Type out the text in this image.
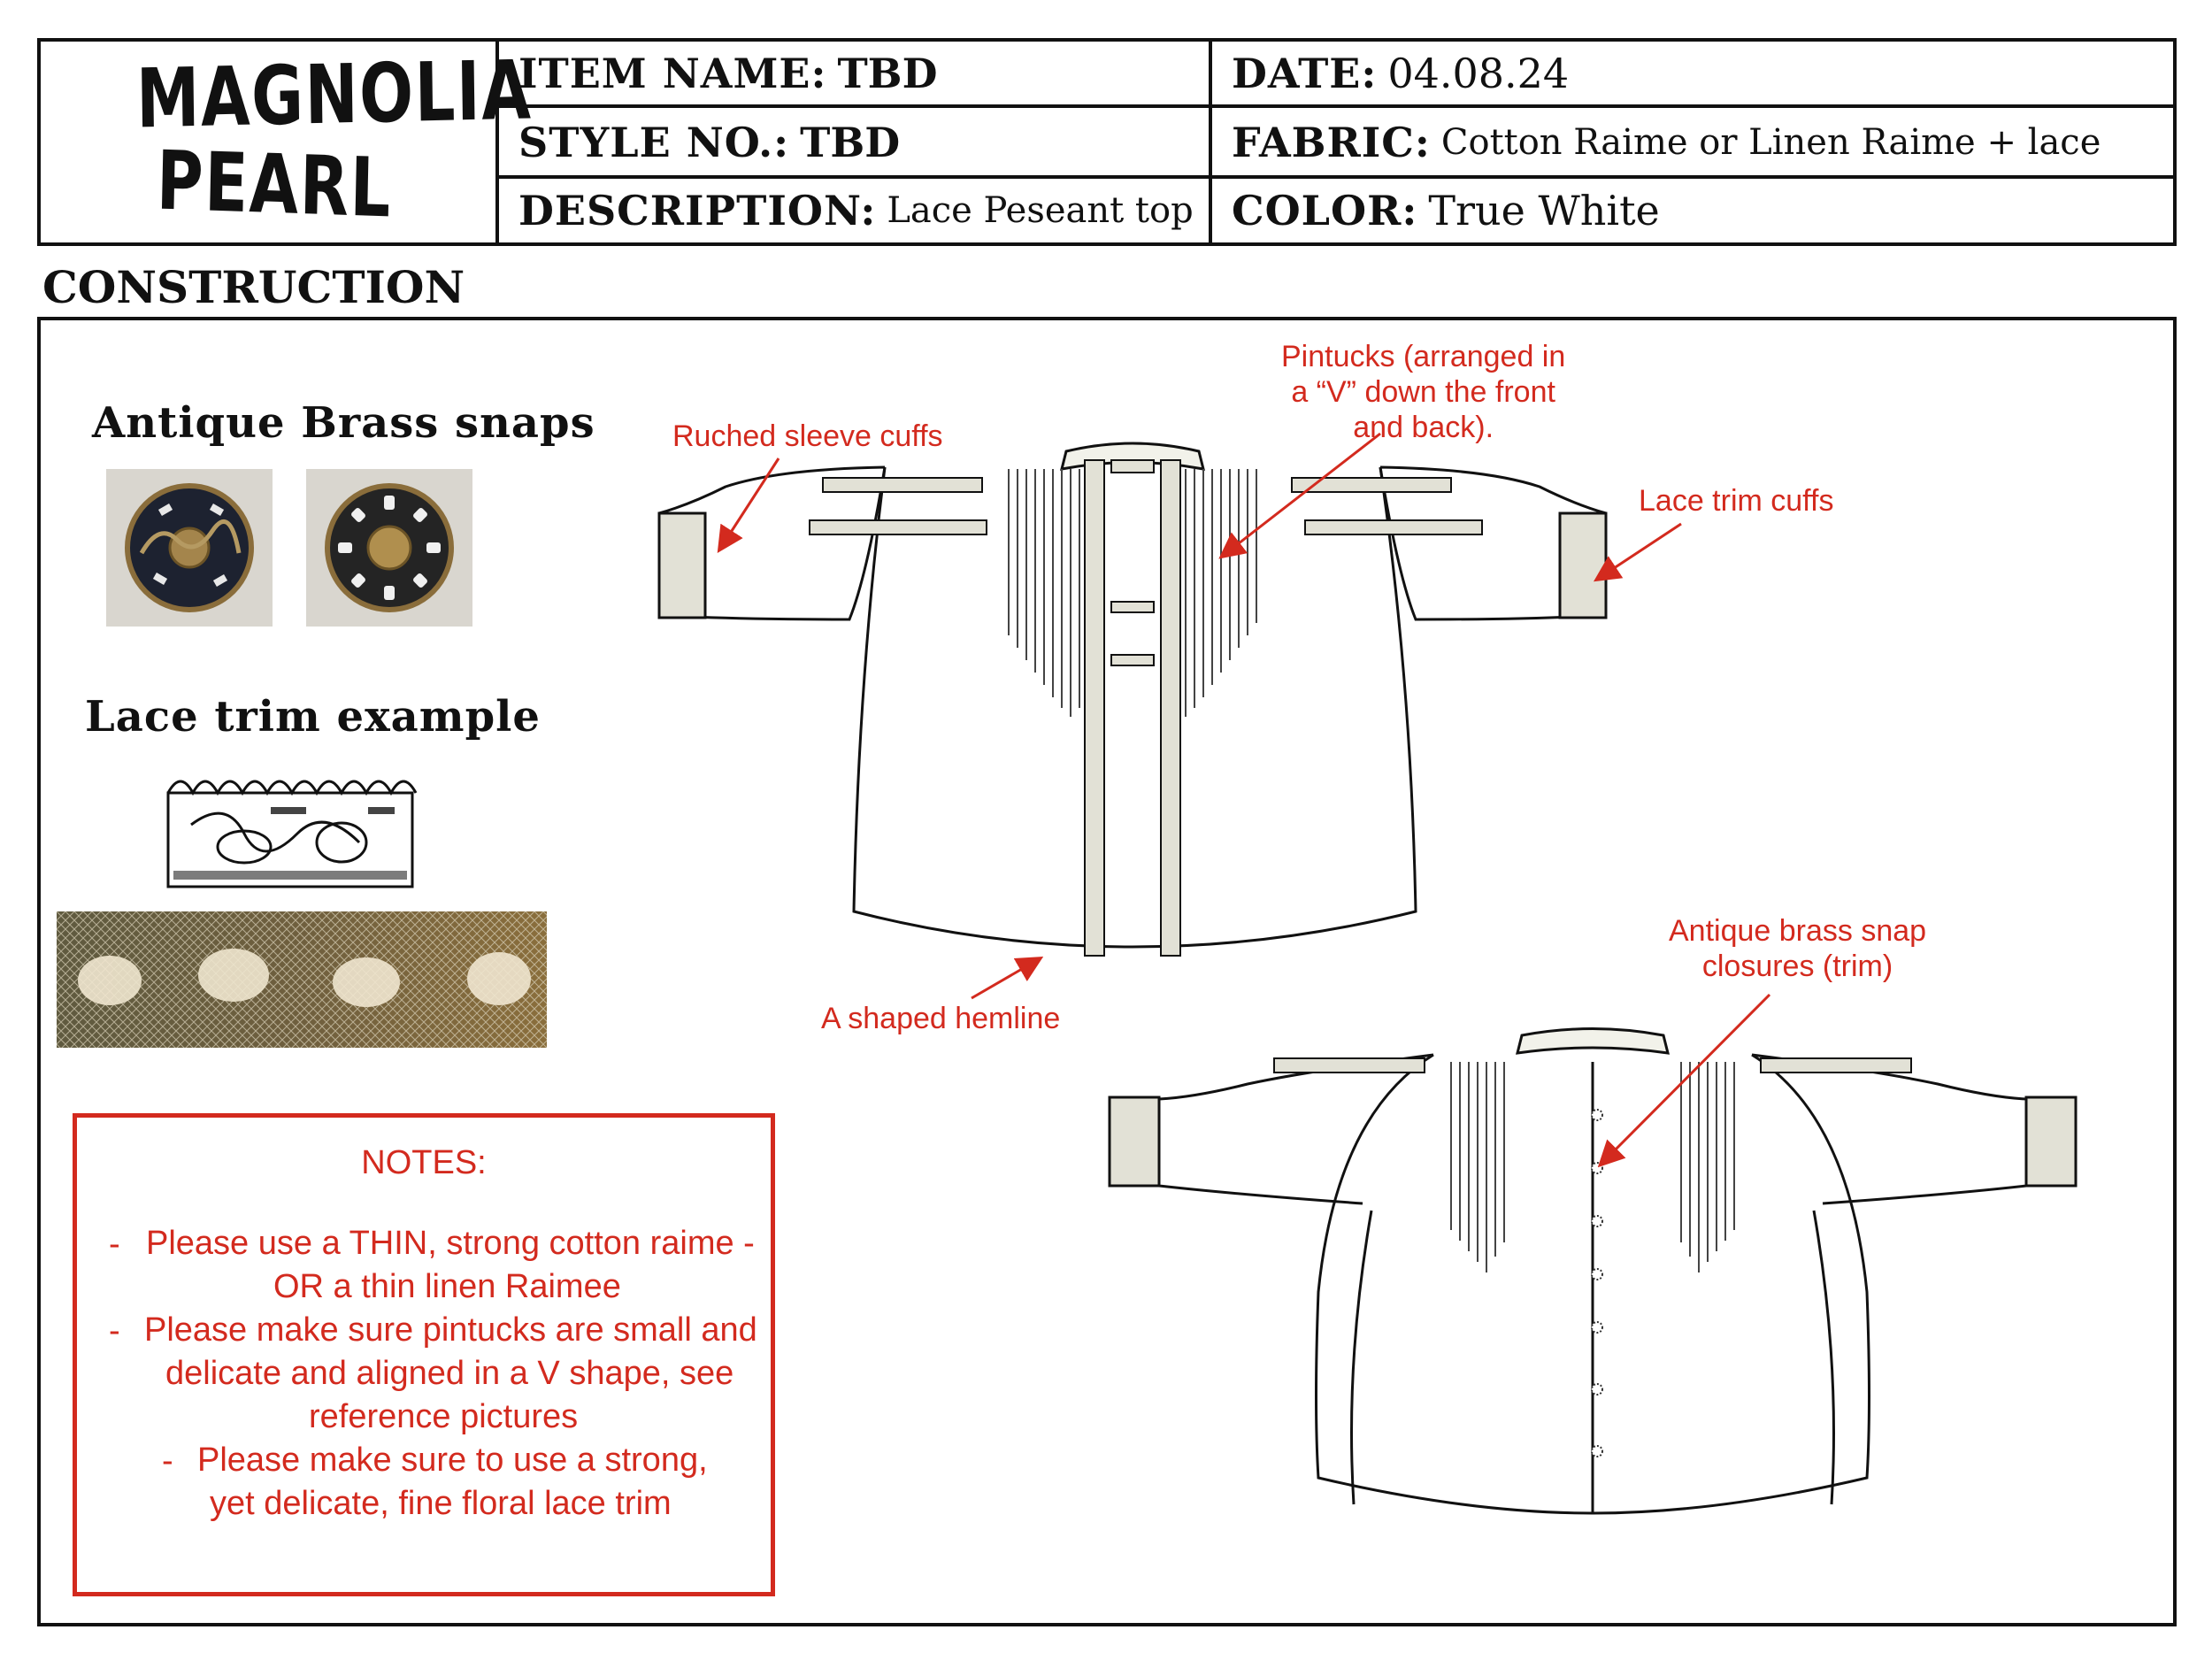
MAGNOLIA
PEARL
ITEM NAME: TBD
STYLE NO.: TBD
DESCRIPTION: Lace Peseant top
DATE: 04.08.24
FABRIC: Cotton Raime or Linen Raime + lace
COLOR: True White
CONSTRUCTION
Antique Brass snaps
Lace trim example
Ruched sleeve cuffs
Pintucks (arranged in
a “V” down the front
and back).
Lace trim cuffs
A shaped hemline
Antique brass snap
closures (trim)
NOTES:
- Please use a THIN, strong cotton raime -
OR a thin linen Raimee
- Please make sure pintucks are small and
delicate and aligned in a V shape, see
reference pictures
- Please make sure to use a strong,
yet delicate, fine floral lace trim
